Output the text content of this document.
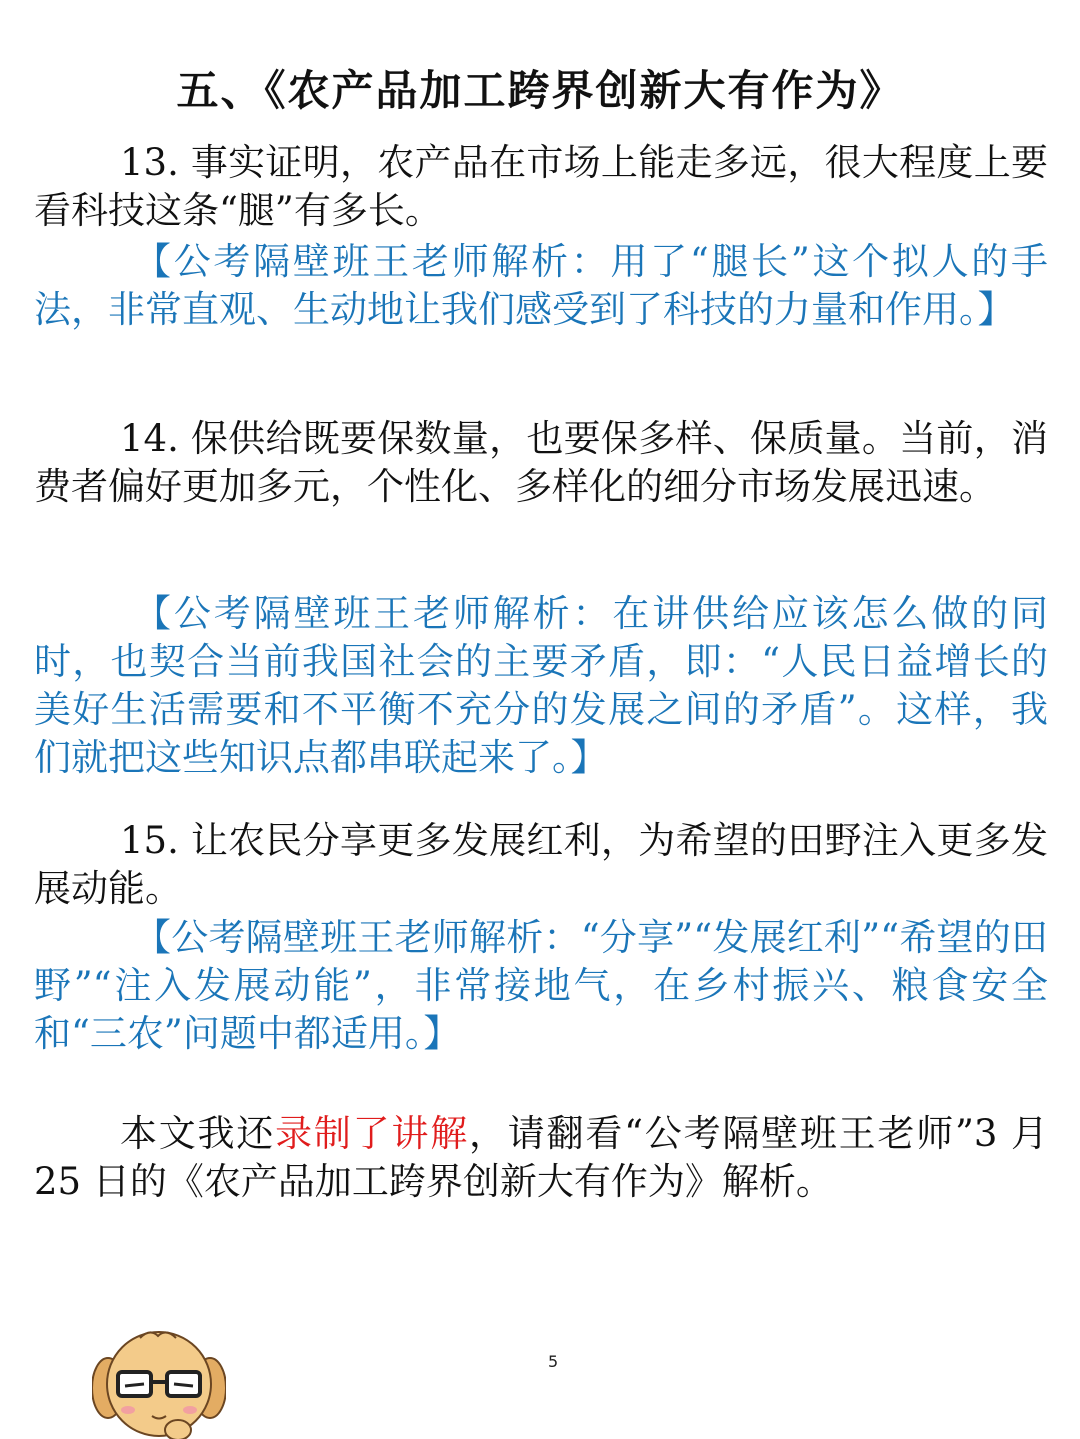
五、《农产品加工跨界创新大有作为》

13. 事实证明，农产品在市场上能走多远，很大程度上要看科技这条“腿”有多长。

【公考隔壁班王老师解析：用了“腿长”这个拟人的手法，非常直观、生动地让我们感受到了科技的力量和作用。】

14. 保供给既要保数量，也要保多样、保质量。当前，消费者偏好更加多元，个性化、多样化的细分市场发展迅速。

【公考隔壁班王老师解析：在讲供给应该怎么做的同时，也契合当前我国社会的主要矛盾，即：“人民日益增长的美好生活需要和不平衡不充分的发展之间的矛盾”。这样，我们就把这些知识点都串联起来了。】

15. 让农民分享更多发展红利，为希望的田野注入更多发展动能。

【公考隔壁班王老师解析：“分享”“发展红利”“希望的田野”“注入发展动能”，非常接地气，在乡村振兴、粮食安全和“三农”问题中都适用。】

本文我还录制了讲解，请翻看“公考隔壁班王老师”3 月 25 日的《农产品加工跨界创新大有作为》解析。

5
